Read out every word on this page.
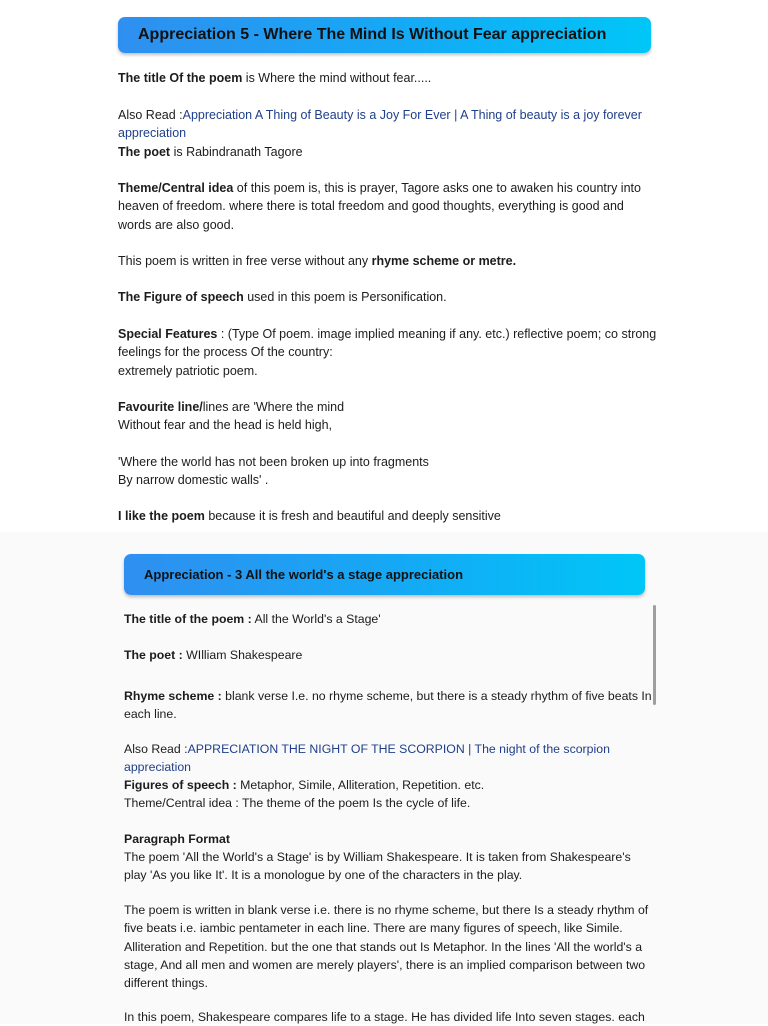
Appreciation 5 - Where The Mind Is Without Fear appreciation

The title Of the poem is Where the mind without fear.....

Also Read :Appreciation A Thing of Beauty is a Joy For Ever | A Thing of beauty is a joy forever appreciation

The poet is Rabindranath Tagore

Theme/Central idea of this poem is, this is prayer, Tagore asks one to awaken his country into heaven of freedom. where there is total freedom and good thoughts, everything is good and words are also good.

This poem is written in free verse without any rhyme scheme or metre.

The Figure of speech used in this poem is Personification.

Special Features : (Type Of poem. image implied meaning if any. etc.) reflective poem; co strong feelings for the process Of the country:
extremely patriotic poem.

Favourite line/lines are 'Where the mind
Without fear and the head is held high,

'Where the world has not been broken up into fragments
By narrow domestic walls' .

I like the poem because it is fresh and beautiful and deeply sensitive

Appreciation - 3 All the world's a stage appreciation

The title of the poem : All the World's a Stage'

The poet : WIlliam Shakespeare

Rhyme scheme : blank verse I.e. no rhyme scheme, but there is a steady rhythm of five beats In each line.

Also Read :APPRECIATION THE NIGHT OF THE SCORPION | The night of the scorpion appreciation

Figures of speech : Metaphor, Simile, Alliteration, Repetition. etc.

Theme/Central idea : The theme of the poem Is the cycle of life.

Paragraph Format

The poem 'All the World's a Stage' is by William Shakespeare. It is taken from Shakespeare's play 'As you like It'. It is a monologue by one of the characters in the play.

The poem is written in blank verse i.e. there is no rhyme scheme, but there Is a steady rhythm of five beats i.e. iambic pentameter in each line. There are many figures of speech, like Simile. Alliteration and Repetition. but the one that stands out Is Metaphor. In the lines 'All the world's a stage, And all men and women are merely players', there is an implied comparison between two different things.

In this poem, Shakespeare compares life to a stage. He has divided life Into seven stages. each
